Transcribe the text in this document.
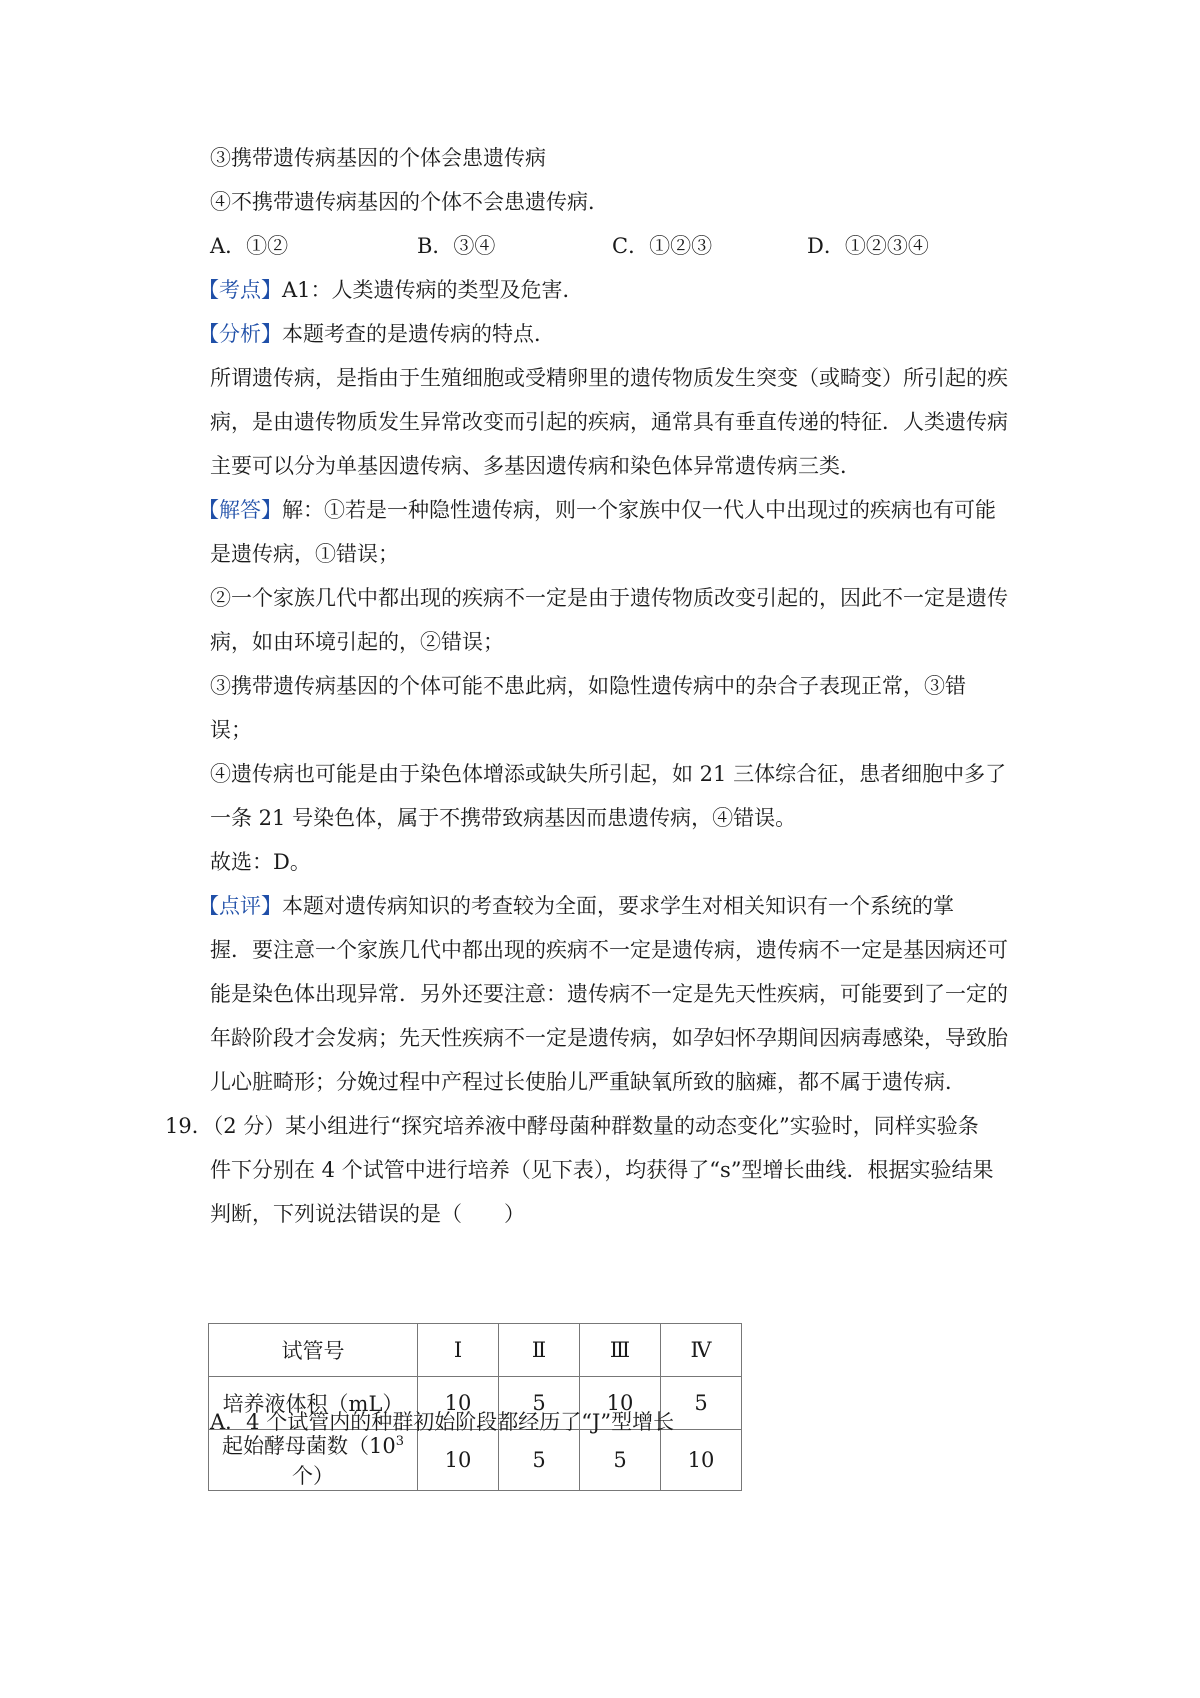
③携带遗传病基因的个体会患遗传病
④不携带遗传病基因的个体不会患遗传病．
A．①②	B．③④	C．①②③	D．①②③④
【考点】A1：人类遗传病的类型及危害．
【分析】本题考查的是遗传病的特点．
所谓遗传病，是指由于生殖细胞或受精卵里的遗传物质发生突变（或畸变）所引起的疾
病，是由遗传物质发生异常改变而引起的疾病，通常具有垂直传递的特征．人类遗传病
主要可以分为单基因遗传病、多基因遗传病和染色体异常遗传病三类．
【解答】解：①若是一种隐性遗传病，则一个家族中仅一代人中出现过的疾病也有可能
是遗传病，①错误；
②一个家族几代中都出现的疾病不一定是由于遗传物质改变引起的，因此不一定是遗传
病，如由环境引起的，②错误；
③携带遗传病基因的个体可能不患此病，如隐性遗传病中的杂合子表现正常，③错
误；
④遗传病也可能是由于染色体增添或缺失所引起，如 21 三体综合征，患者细胞中多了
一条 21 号染色体，属于不携带致病基因而患遗传病，④错误。
故选：D。
【点评】本题对遗传病知识的考查较为全面，要求学生对相关知识有一个系统的掌
握．要注意一个家族几代中都出现的疾病不一定是遗传病，遗传病不一定是基因病还可
能是染色体出现异常．另外还要注意：遗传病不一定是先天性疾病，可能要到了一定的
年龄阶段才会发病；先天性疾病不一定是遗传病，如孕妇怀孕期间因病毒感染，导致胎
儿心脏畸形；分娩过程中产程过长使胎儿严重缺氧所致的脑瘫，都不属于遗传病．
19．（2 分）某小组进行“探究培养液中酵母菌种群数量的动态变化”实验时，同样实验条
件下分别在 4 个试管中进行培养（见下表），均获得了“s”型增长曲线．根据实验结果
判断，下列说法错误的是（　　）
试管号	Ⅰ	Ⅱ	Ⅲ	Ⅳ
培养液体积（mL）	10	5	10	5
起始酵母菌数（$10^3$ 个）	10	5	5	10
A．4 个试管内的种群初始阶段都经历了“J”型增长
